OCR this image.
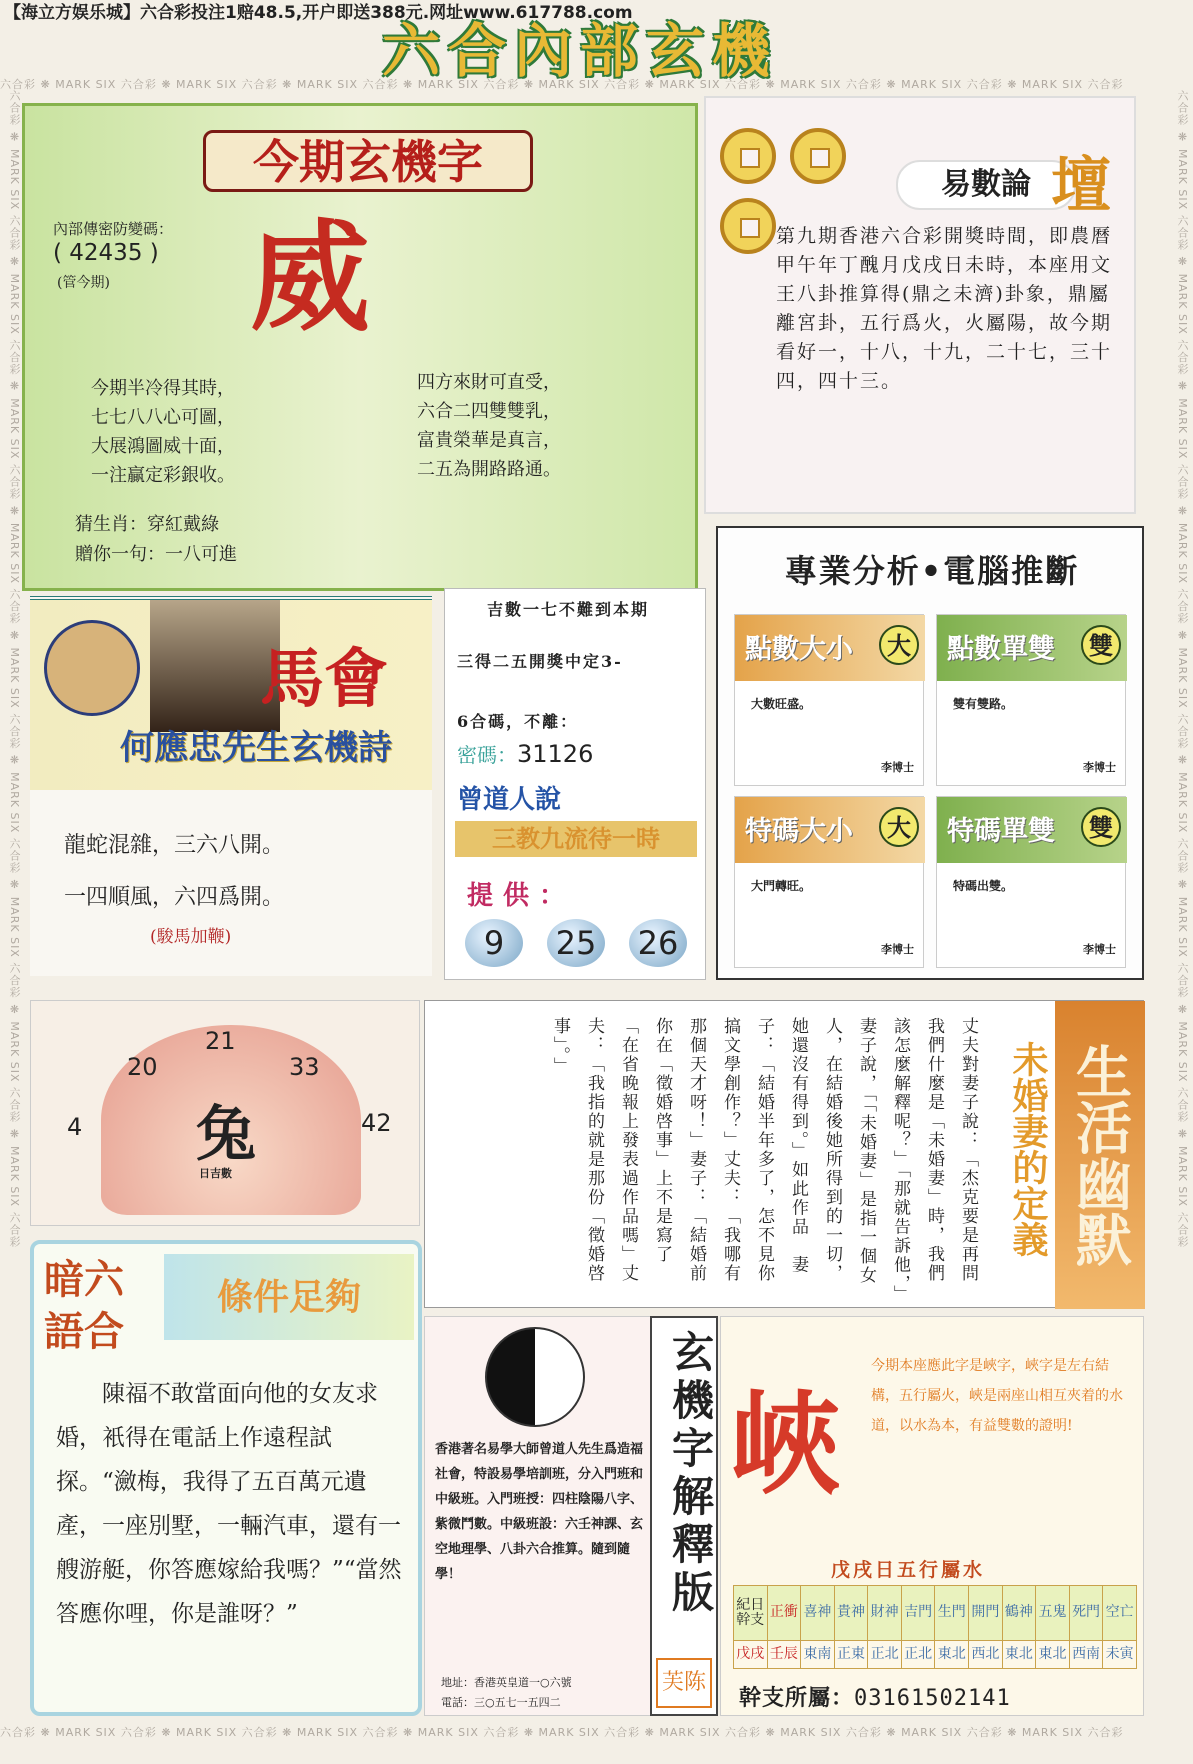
【海立方娱乐城】六合彩投注1赔48.5,开户即送388元.网址www.617788.com
六合內部玄機
六合彩 ❋ MARK SIX 六合彩 ❋ MARK SIX 六合彩 ❋ MARK SIX 六合彩 ❋ MARK SIX 六合彩 ❋ MARK SIX 六合彩 ❋ MARK SIX 六合彩 ❋ MARK SIX 六合彩 ❋ MARK SIX 六合彩 ❋ MARK SIX 六合彩
六合彩 ❋ MARK SIX 六合彩 ❋ MARK SIX 六合彩 ❋ MARK SIX 六合彩 ❋ MARK SIX 六合彩 ❋ MARK SIX 六合彩 ❋ MARK SIX 六合彩 ❋ MARK SIX 六合彩 ❋ MARK SIX 六合彩 ❋ MARK SIX 六合彩	六合彩 ❋ MARK SIX 六合彩 ❋ MARK SIX 六合彩 ❋ MARK SIX 六合彩 ❋ MARK SIX 六合彩 ❋ MARK SIX 六合彩 ❋ MARK SIX 六合彩 ❋ MARK SIX 六合彩 ❋ MARK SIX 六合彩 ❋ MARK SIX 六合彩
六合彩 ❋ MARK SIX 六合彩 ❋ MARK SIX 六合彩 ❋ MARK SIX 六合彩 ❋ MARK SIX 六合彩 ❋ MARK SIX 六合彩 ❋ MARK SIX 六合彩 ❋ MARK SIX 六合彩 ❋ MARK SIX 六合彩 ❋ MARK SIX 六合彩
今期玄機字
內部傳密防變碼：
( 42435 )
(管今期) 威
今期半冷得其時，
七七八八心可圖，
大展鴻圖威十面，
一注贏定彩銀收。
四方來財可直受，
六合二四雙雙乳，
富貴榮華是真言，
二五為開路路通。
猜生肖：穿紅戴綠
贈你一句：一八可進
易數論 壇
第九期香港六合彩開獎時間，即農曆甲午年丁醜月戊戌日未時，本座用文王八卦推算得(鼎之未濟)卦象，鼎屬離宮卦，五行爲火，火屬陽，故今期看好一，十八，十九，二十七，三十四，四十三。
專業分析•電腦推斷
點數大小	大
大數旺盛。
李博士
點數單雙	雙
雙有雙路。
李博士
特碼大小	大
大門轉旺。
李博士
特碼單雙	雙
特碼出雙。
李博士
馬會
何應忠先生玄機詩
龍蛇混雜，三六八開。
一四順風，六四爲開。
(駿馬加鞭)
吉數一七不難到本期
三得二五開獎中定3-
6合碼，不離：
密碼：31126
曾道人說
三教九流待一時
提供：
9	25 26
21
20	33
4	42
兔
日吉數	丈夫對妻子說：「杰克要是再問我們什麼是「未婚妻」時，我們該怎麼解釋呢？」「那就告訴他，」妻子說，「「未婚妻」是指一個女人，在結婚後她所得到的一切，她還沒有得到。」如此作品　妻子：「結婚半年多了，怎不見你搞文學創作？」丈夫：「我哪有那個天才呀！」妻子：「結婚前你在「徵婚啓事」上不是寫了「在省晚報上發表過作品嗎」丈夫：「我指的就是那份「徵婚啓事」。」	未婚妻的定義 生活幽默
暗六語合
條件足夠
陳福不敢當面向他的女友求婚，衹得在電話上作遠程試探。“瀲梅，我得了五百萬元遺產，一座別墅，一輛汽車，還有一艘游艇，你答應嫁給我嗎？”“當然答應你哩，你是誰呀？”
香港著名易學大師曾道人先生爲造福社會，特設易學培訓班，分入門班和中級班。入門班授：四柱陰陽八字、紫微鬥數。中級班設：六壬神課、玄空地理學、八卦六合推算。隨到隨學！
地址：香港英皇道一○六號
電話：三○五七一五四二
玄機字解釋版
芙陈
峽
今期本座應此字是峽字，峽字是左右結構，五行屬火，峽是兩座山相互夾着的水道，以水為本，有益雙數的證明!
戊戌日五行屬水
紀日
幹支	正衝	喜神	貴神	財神	吉門	生門	開門	鶴神	五鬼	死門	空亡
戊戌	壬辰	東南	正東	正北	正北	東北	西北	東北	東北	西南	未寅
幹支所屬：03161502141
